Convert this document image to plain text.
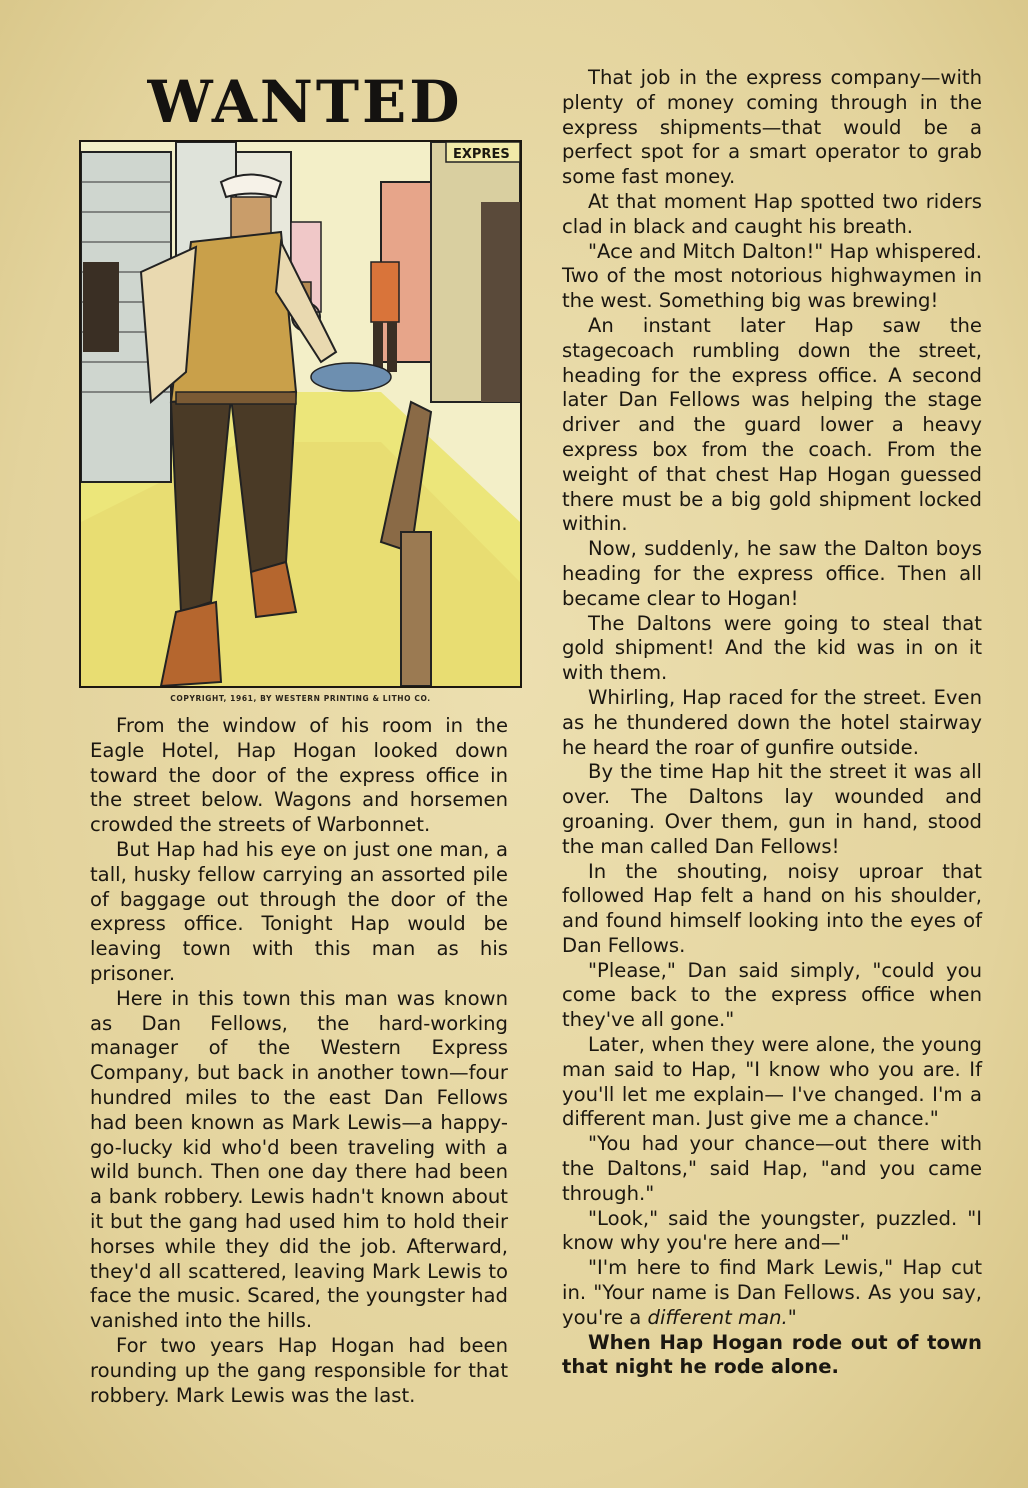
WANTED
EXPRES
COPYRIGHT, 1961, BY WESTERN PRINTING & LITHO CO.

From the window of his room in the Eagle Hotel, Hap Hogan looked down toward the door of the express office in the street below. Wagons and horsemen crowded the streets of Warbonnet.

But Hap had his eye on just one man, a tall, husky fellow carrying an assorted pile of baggage out through the door of the express office. Tonight Hap would be leaving town with this man as his prisoner.

Here in this town this man was known as Dan Fellows, the hard-working manager of the Western Express Company, but back in another town—four hundred miles to the east Dan Fellows had been known as Mark Lewis—a happy-go-lucky kid who'd been traveling with a wild bunch. Then one day there had been a bank robbery. Lewis hadn't known about it but the gang had used him to hold their horses while they did the job. Afterward, they'd all scattered, leaving Mark Lewis to face the music. Scared, the youngster had vanished into the hills.

For two years Hap Hogan had been rounding up the gang responsible for that robbery. Mark Lewis was the last.

That job in the express company—with plenty of money coming through in the express shipments—that would be a perfect spot for a smart operator to grab some fast money.

At that moment Hap spotted two riders clad in black and caught his breath.

"Ace and Mitch Dalton!" Hap whispered. Two of the most notorious highwaymen in the west. Something big was brewing!

An instant later Hap saw the stagecoach rumbling down the street, heading for the express office. A second later Dan Fellows was helping the stage driver and the guard lower a heavy express box from the coach. From the weight of that chest Hap Hogan guessed there must be a big gold shipment locked within.

Now, suddenly, he saw the Dalton boys heading for the express office. Then all became clear to Hogan!

The Daltons were going to steal that gold shipment! And the kid was in on it with them.

Whirling, Hap raced for the street. Even as he thundered down the hotel stairway he heard the roar of gunfire outside.

By the time Hap hit the street it was all over. The Daltons lay wounded and groaning. Over them, gun in hand, stood the man called Dan Fellows!

In the shouting, noisy uproar that followed Hap felt a hand on his shoulder, and found himself looking into the eyes of Dan Fellows.

"Please," Dan said simply, "could you come back to the express office when they've all gone."

Later, when they were alone, the young man said to Hap, "I know who you are. If you'll let me explain— I've changed. I'm a different man. Just give me a chance."

"You had your chance—out there with the Daltons," said Hap, "and you came through."

"Look," said the youngster, puzzled. "I know why you're here and—"

"I'm here to find Mark Lewis," Hap cut in. "Your name is Dan Fellows. As you say, you're a different man."

When Hap Hogan rode out of town that night he rode alone.
